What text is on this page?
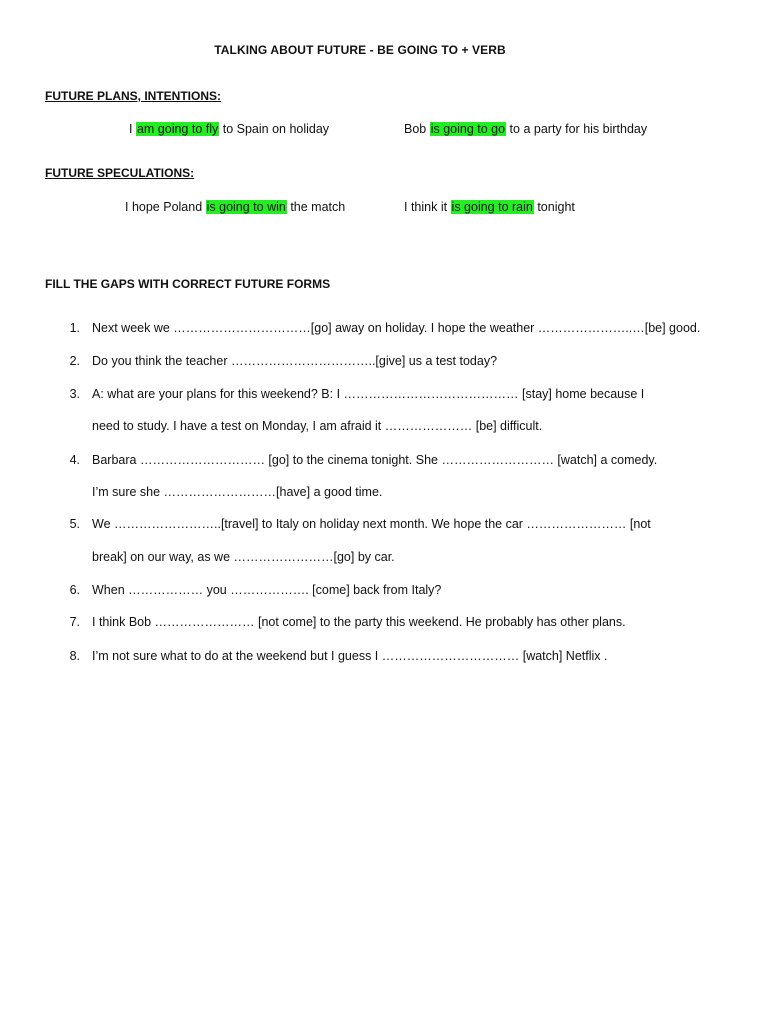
TALKING ABOUT FUTURE - BE GOING TO + VERB
FUTURE PLANS, INTENTIONS:
I am going to fly to Spain on holiday	Bob is going to go to a party for his birthday
FUTURE SPECULATIONS:
I hope Poland is going to win the match	I think it is going to rain tonight
FILL THE GAPS WITH CORRECT FUTURE FORMS
1. Next week we ……………………………[go] away on holiday. I hope the weather …………………..…[be] good.
2. Do you think the teacher ……………………………..[give] us a test today?
3. A: what are your plans for this weekend? B: I …………………………………… [stay] home because I
need to study. I have a test on Monday, I am afraid it ………………… [be] difficult.
4. Barbara ………………………… [go] to the cinema tonight. She ……………………… [watch] a comedy.
I’m sure she ………………………[have] a good time.
5. We ……………………..[travel] to Italy on holiday next month. We hope the car …………………… [not
break] on our way, as we ……………………[go] by car.
6. When ……………… you ………………. [come] back from Italy?
7. I think Bob …………………… [not come] to the party this weekend. He probably has other plans.
8. I’m not sure what to do at the weekend but I guess I …………………………… [watch] Netflix .
